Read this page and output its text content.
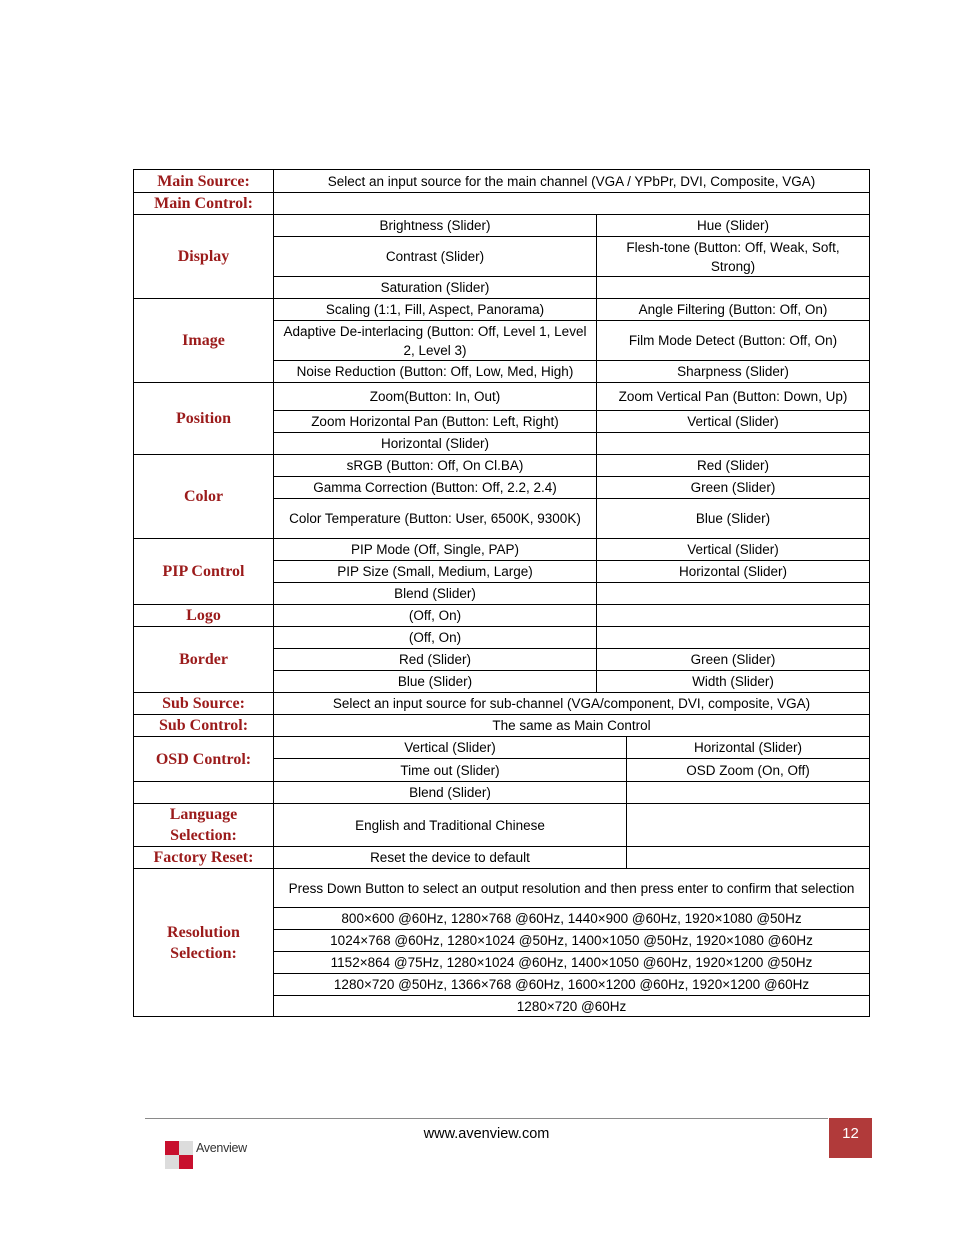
Main Source:	Select an input source for the main channel (VGA / YPbPr, DVI, Composite, VGA)		
Main Control:			
Display	Brightness (Slider)	Hue (Slider)	
	Contrast (Slider)	Flesh-tone (Button: Off, Weak, Soft, Strong)	
	Saturation (Slider)		
Image	Scaling (1:1, Fill, Aspect, Panorama)	Angle Filtering (Button: Off, On)	
	Adaptive De-interlacing (Button: Off, Level 1, Level 2, Level 3)	Film Mode Detect (Button: Off, On)	
	Noise Reduction (Button: Off, Low, Med, High)	Sharpness (Slider)	
Position	Zoom(Button: In, Out)	Zoom Vertical Pan (Button: Down, Up)	
	Zoom Horizontal Pan (Button: Left, Right)	Vertical (Slider)	
	Horizontal (Slider)		
Color	sRGB (Button: Off, On Cl.BA)	Red (Slider)	
	Gamma Correction (Button: Off, 2.2, 2.4)	Green (Slider)	
	Color Temperature (Button: User, 6500K, 9300K)	Blue (Slider)	
PIP Control	PIP Mode (Off, Single, PAP)	Vertical (Slider)	
	PIP Size (Small, Medium, Large)	Horizontal (Slider)	
	Blend (Slider)		
Logo	(Off, On)		
Border	(Off, On)		
	Red (Slider)	Green (Slider)	
	Blue (Slider)	Width (Slider)	
Sub Source:	Select an input source for sub-channel (VGA/component, DVI, composite, VGA)		
Sub Control:	The same as Main Control		
OSD Control:	Vertical (Slider)		Horizontal (Slider)
	Time out (Slider)		OSD Zoom (On, Off)
	Blend (Slider)		
Language Selection:	English and Traditional Chinese		
Factory Reset:	Reset the device to default		
Resolution Selection:	Press Down Button to select an output resolution and then press enter to confirm that selection		
	800×600 @60Hz, 1280×768 @60Hz, 1440×900 @60Hz, 1920×1080 @50Hz		
	1024×768 @60Hz, 1280×1024 @50Hz, 1400×1050 @50Hz, 1920×1080 @60Hz		
	1152×864 @75Hz, 1280×1024 @60Hz, 1400×1050 @60Hz, 1920×1200 @50Hz		
	1280×720 @50Hz, 1366×768 @60Hz, 1600×1200 @60Hz, 1920×1200 @60Hz		
	1280×720 @60Hz		
www.avenview.com	12
Avenview
